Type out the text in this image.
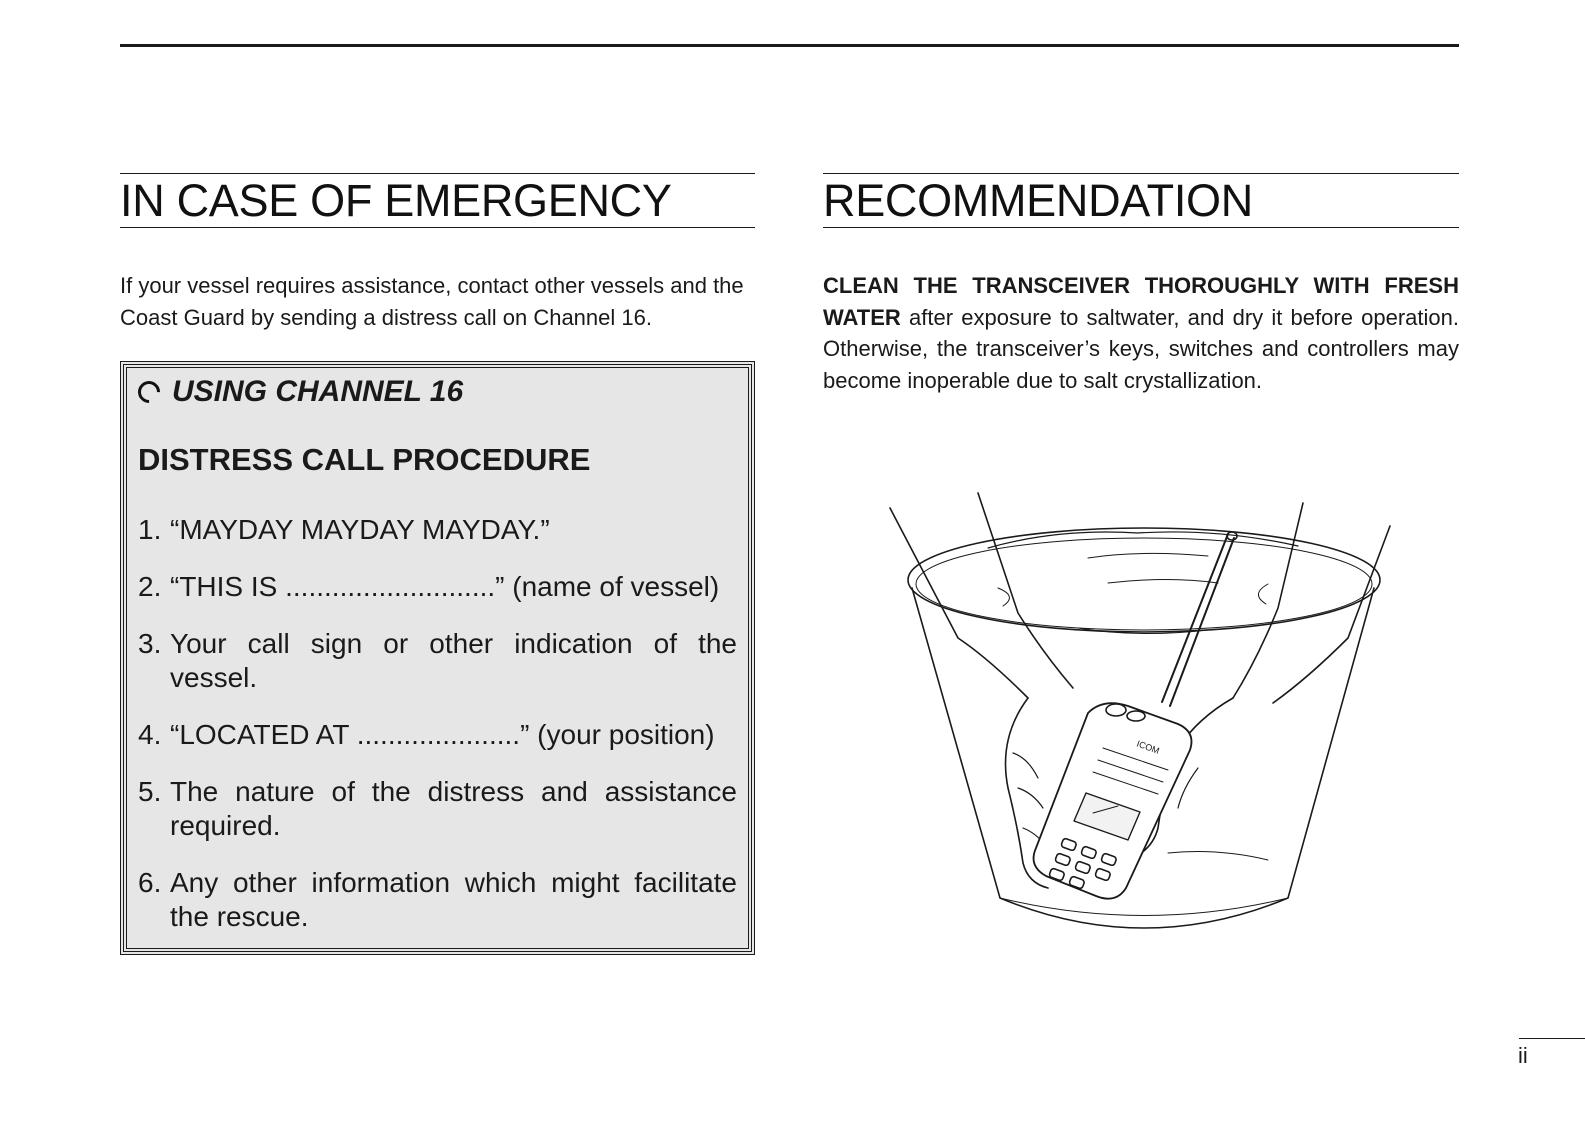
IN CASE OF EMERGENCY

If your vessel requires assistance, contact other vessels and the Coast Guard by sending a distress call on Channel 16.

USING CHANNEL 16
DISTRESS CALL PROCEDURE
1. “MAYDAY MAYDAY MAYDAY.”
2. “THIS IS ...........................” (name of vessel)
3. Your call sign or other indication of the vessel.
4. “LOCATED AT .....................” (your position)
5. The nature of the distress and assistance required.
6. Any other information which might facilitate the rescue.
RECOMMENDATION

CLEAN THE TRANSCEIVER THOROUGHLY WITH FRESH WATER after exposure to saltwater, and dry it before operation. Otherwise, the transceiver’s keys, switches and controllers may become inoperable due to salt crystallization.

ICOM
ii
